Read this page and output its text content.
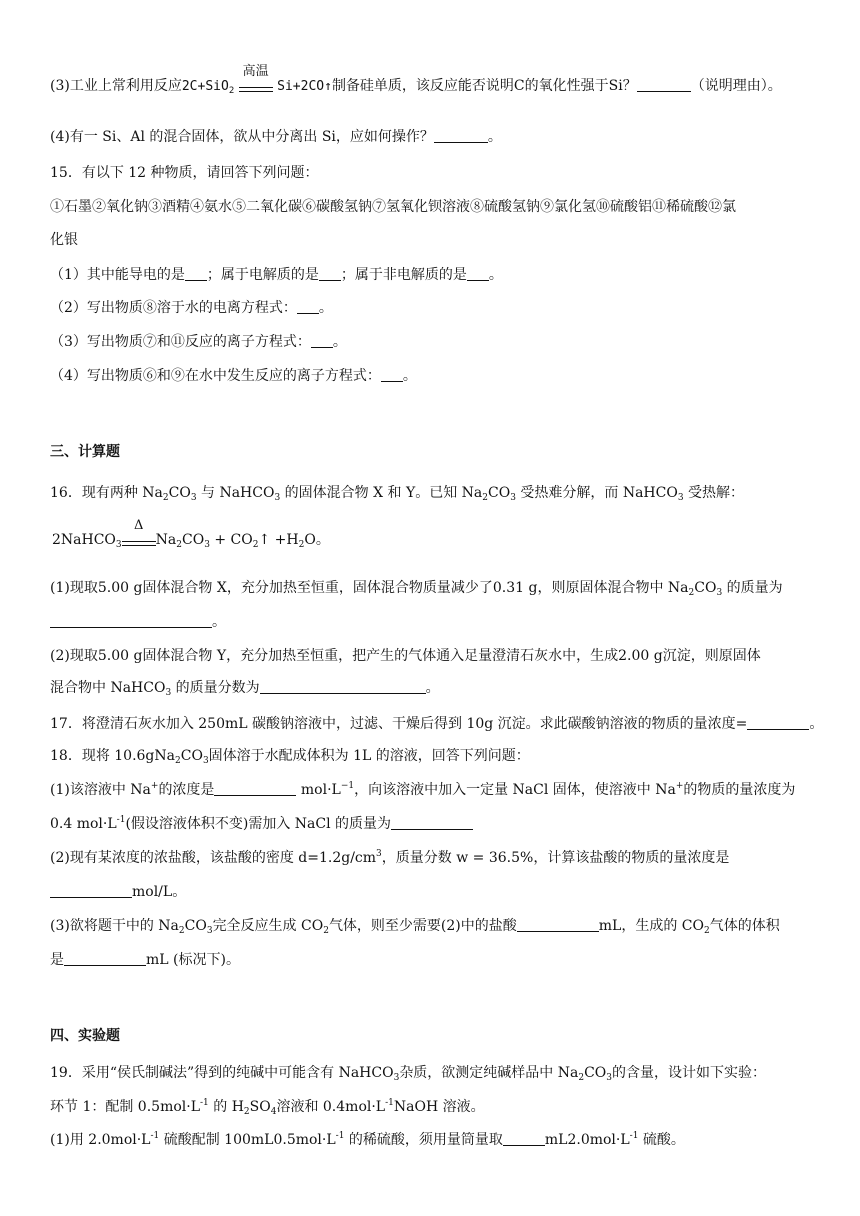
(3)工业上常利用反应2C+SiO$_2$
高温
Si+2CO↑制备硅单质，该反应能否说明C的氧化性强于Si？	（说明理由）。
(4)有一 Si、Al 的混合固体，欲从中分离出 Si，应如何操作？	。
15．有以下 12 种物质，请回答下列问题：
①石墨②氧化钠③酒精④氨水⑤二氧化碳⑥碳酸氢钠⑦氢氧化钡溶液⑧硫酸氢钠⑨氯化氢⑩硫酸铝⑪稀硫酸⑫氯
化银
（1）其中能导电的是 ；属于电解质的是 ；属于非电解质的是 。
（2）写出物质⑧溶于水的电离方程式： 。
（3）写出物质⑦和⑪反应的离子方程式： 。
（4）写出物质⑥和⑨在水中发生反应的离子方程式： 。
三、计算题
16．现有两种 $Na_2CO_3$ 与 NaHCO$_3$ 的固体混合物 X 和 Y。已知 $Na_2CO_3$ 受热难分解，而 NaHCO$_3$ 受热解：
2NaHCO$_3$
Δ
$Na_2CO_3$ + $CO_2↑ +H_2O$。
(1)现取5.00 g固体混合物 X，充分加热至恒重，固体混合物质量减少了0.31 g，则原固体混合物中 $Na_2CO_3$ 的质量为
。
(2)现取5.00 g固体混合物 Y，充分加热至恒重，把产生的气体通入足量澄清石灰水中，生成2.00 g沉淀，则原固体
混合物中 NaHCO$_3$ 的质量分数为	。
17．将澄清石灰水加入 250mL 碳酸钠溶液中，过滤、干燥后得到 10g 沉淀。求此碳酸钠溶液的物质的量浓度=	。
18．现将 $10.6gNa_2CO_3$固体溶于水配成体积为 1L 的溶液，回答下列问题：
(1)该溶液中 Na+的浓度是	$mol\cdot L^{-1}$，向该溶液中加入一定量 NaCl 固体，使溶液中 Na+的物质的量浓度为
0.4 $mol\cdot L^{-1}$(假设溶液体积不变)需加入 NaCl 的质量为
(2)现有某浓度的浓盐酸，该盐酸的密度 $d=1.2g/cm^3$，质量分数 w = 36.5%，计算该盐酸的物质的量浓度是
mol/L。
(3)欲将题干中的 $Na_2CO_3$完全反应生成 $CO_2$气体，则至少需要(2)中的盐酸	mL，生成的 $CO_2$气体的体积
是	mL (标况下)。
四、实验题
19．采用“侯氏制碱法”得到的纯碱中可能含有 NaHCO$_3$杂质，欲测定纯碱样品中 $Na_2CO_3$的含量，设计如下实验：
环节 1：配制 $0.5mol\cdot L^{-1}$ 的 $H_2SO_4$溶液和 $0.4mol\cdot L^{-1}NaOH$ 溶液。
(1)用 $2.0mol\cdot L^{-1}$ 硫酸配制 $100mL0.5mol\cdot L^{-1}$ 的稀硫酸，须用量筒量取	$mL2.0mol\cdot L^{-1}$ 硫酸。
